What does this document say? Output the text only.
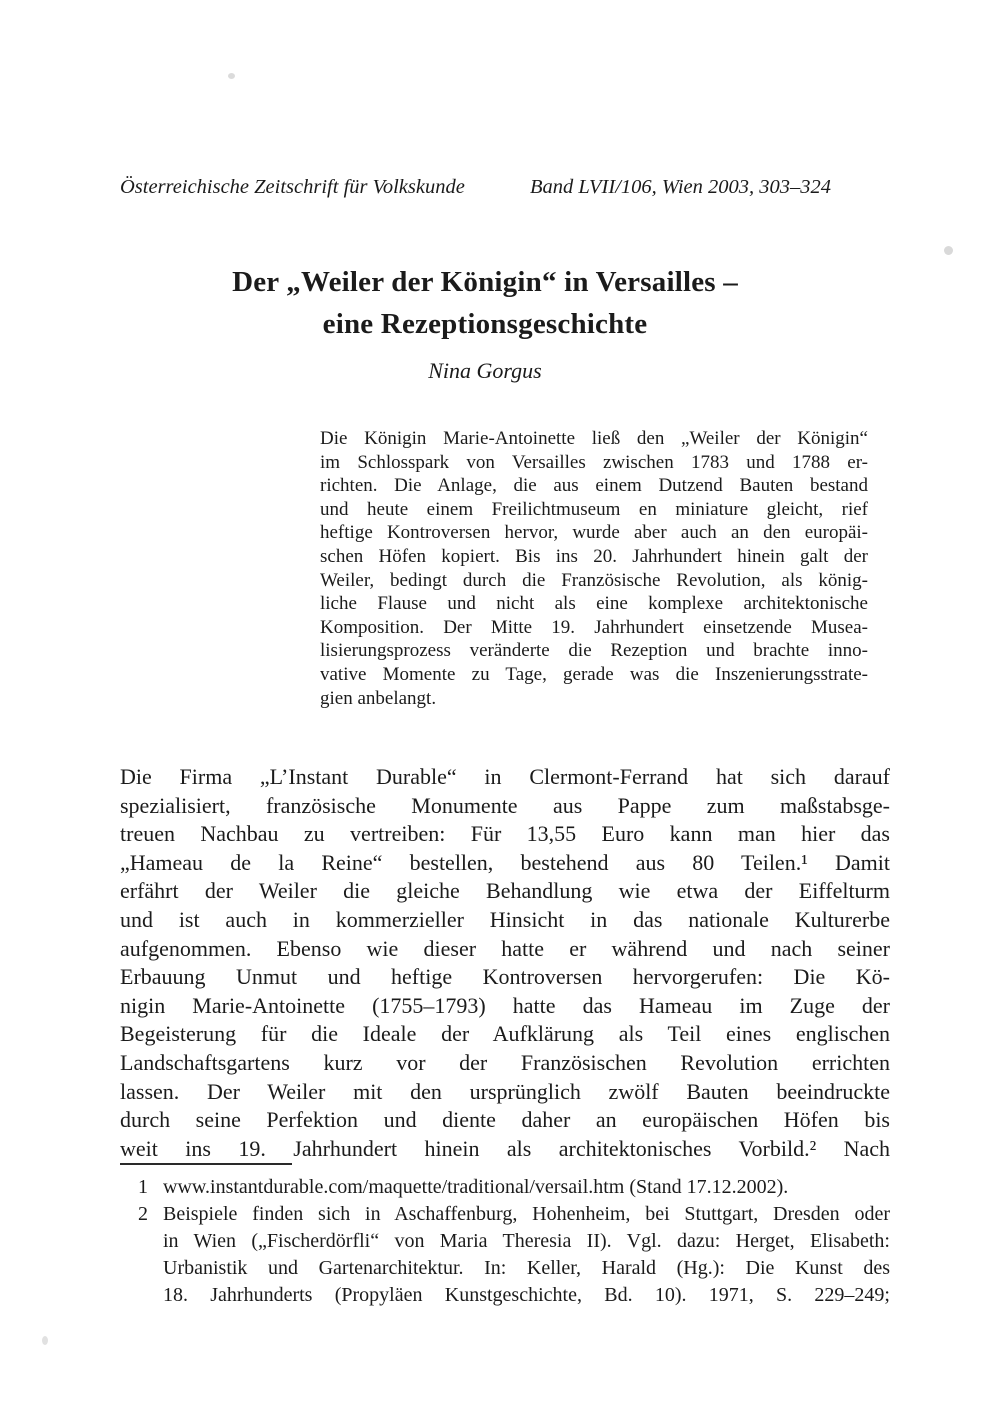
Österreichische Zeitschrift für Volkskunde	Band LVII/106, Wien 2003, 303–324
Der „Weiler der Königin“ in Versailles –
eine Rezeptionsgeschichte
Nina Gorgus
Die Königin Marie-Antoinette ließ den „Weiler der Königin“
im Schlosspark von Versailles zwischen 1783 und 1788 er-
richten. Die Anlage, die aus einem Dutzend Bauten bestand
und heute einem Freilichtmuseum en miniature gleicht, rief
heftige Kontroversen hervor, wurde aber auch an den europäi-
schen Höfen kopiert. Bis ins 20. Jahrhundert hinein galt der
Weiler, bedingt durch die Französische Revolution, als könig-
liche Flause und nicht als eine komplexe architektonische
Komposition. Der Mitte 19. Jahrhundert einsetzende Musea-
lisierungsprozess veränderte die Rezeption und brachte inno-
vative Momente zu Tage, gerade was die Inszenierungsstrate-
gien anbelangt.
Die Firma „L’Instant Durable“ in Clermont-Ferrand hat sich darauf
spezialisiert, französische Monumente aus Pappe zum maßstabsge-
treuen Nachbau zu vertreiben: Für 13,55 Euro kann man hier das
„Hameau de la Reine“ bestellen, bestehend aus 80 Teilen.¹ Damit
erfährt der Weiler die gleiche Behandlung wie etwa der Eiffelturm
und ist auch in kommerzieller Hinsicht in das nationale Kulturerbe
aufgenommen. Ebenso wie dieser hatte er während und nach seiner
Erbauung Unmut und heftige Kontroversen hervorgerufen: Die Kö-
nigin Marie-Antoinette (1755–1793) hatte das Hameau im Zuge der
Begeisterung für die Ideale der Aufklärung als Teil eines englischen
Landschaftsgartens kurz vor der Französischen Revolution errichten
lassen. Der Weiler mit den ursprünglich zwölf Bauten beeindruckte
durch seine Perfektion und diente daher an europäischen Höfen bis
weit ins 19. Jahrhundert hinein als architektonisches Vorbild.² Nach
1 www.instantdurable.com/maquette/traditional/versail.htm (Stand 17.12.2002).
2 Beispiele finden sich in Aschaffenburg, Hohenheim, bei Stuttgart, Dresden oder
in Wien („Fischerdörfli“ von Maria Theresia II). Vgl. dazu: Herget, Elisabeth:
Urbanistik und Gartenarchitektur. In: Keller, Harald (Hg.): Die Kunst des
18. Jahrhunderts (Propyläen Kunstgeschichte, Bd. 10). 1971, S. 229–249;
